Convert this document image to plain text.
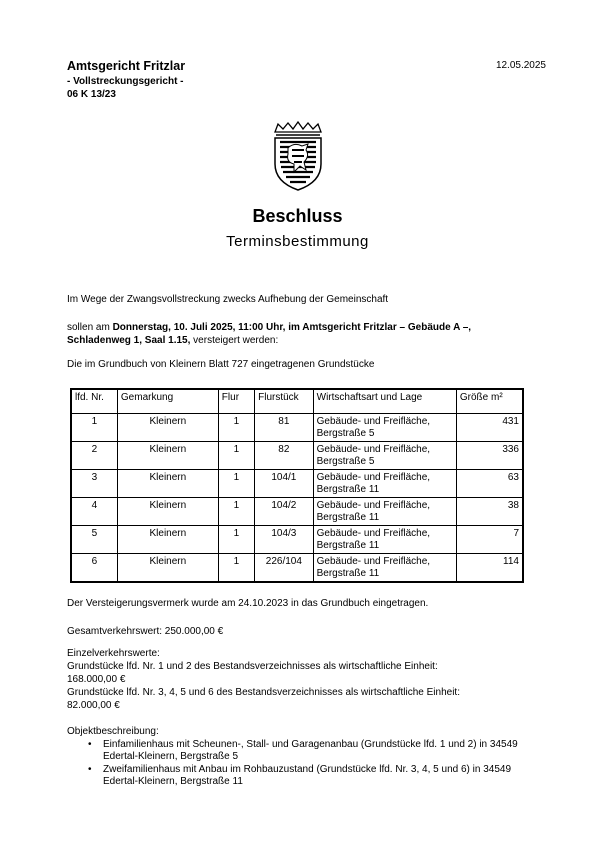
Amtsgericht Fritzlar
- Vollstreckungsgericht -
06 K 13/23
12.05.2025
Beschluss
Terminsbestimmung
Im Wege der Zwangsvollstreckung zwecks Aufhebung der Gemeinschaft
sollen am Donnerstag, 10. Juli 2025, 11:00 Uhr, im Amtsgericht Fritzlar – Gebäude A –, Schladenweg 1, Saal 1.15, versteigert werden:
Die im Grundbuch von Kleinern Blatt 727 eingetragenen Grundstücke
lfd. Nr.	Gemarkung	Flur	Flurstück	Wirtschaftsart und Lage	Größe m²
1	Kleinern	1	81	Gebäude- und Freifläche, Bergstraße 5	431
2	Kleinern	1	82	Gebäude- und Freifläche, Bergstraße 5	336
3	Kleinern	1	104/1	Gebäude- und Freifläche, Bergstraße 11	63
4	Kleinern	1	104/2	Gebäude- und Freifläche, Bergstraße 11	38
5	Kleinern	1	104/3	Gebäude- und Freifläche, Bergstraße 11	7
6	Kleinern	1	226/104	Gebäude- und Freifläche, Bergstraße 11	114
Der Versteigerungsvermerk wurde am 24.10.2023 in das Grundbuch eingetragen.
Gesamtverkehrswert: 250.000,00 €
Einzelverkehrswerte:
Grundstücke lfd. Nr. 1 und 2 des Bestandsverzeichnisses als wirtschaftliche Einheit:
168.000,00 €
Grundstücke lfd. Nr. 3, 4, 5 und 6 des Bestandsverzeichnisses als wirtschaftliche Einheit:
82.000,00 €
Objektbeschreibung:
• Einfamilienhaus mit Scheunen-, Stall- und Garagenanbau (Grundstücke lfd. 1 und 2) in 34549 Edertal-Kleinern, Bergstraße 5
• Zweifamilienhaus mit Anbau im Rohbauzustand (Grundstücke lfd. Nr. 3, 4, 5 und 6) in 34549 Edertal-Kleinern, Bergstraße 11
